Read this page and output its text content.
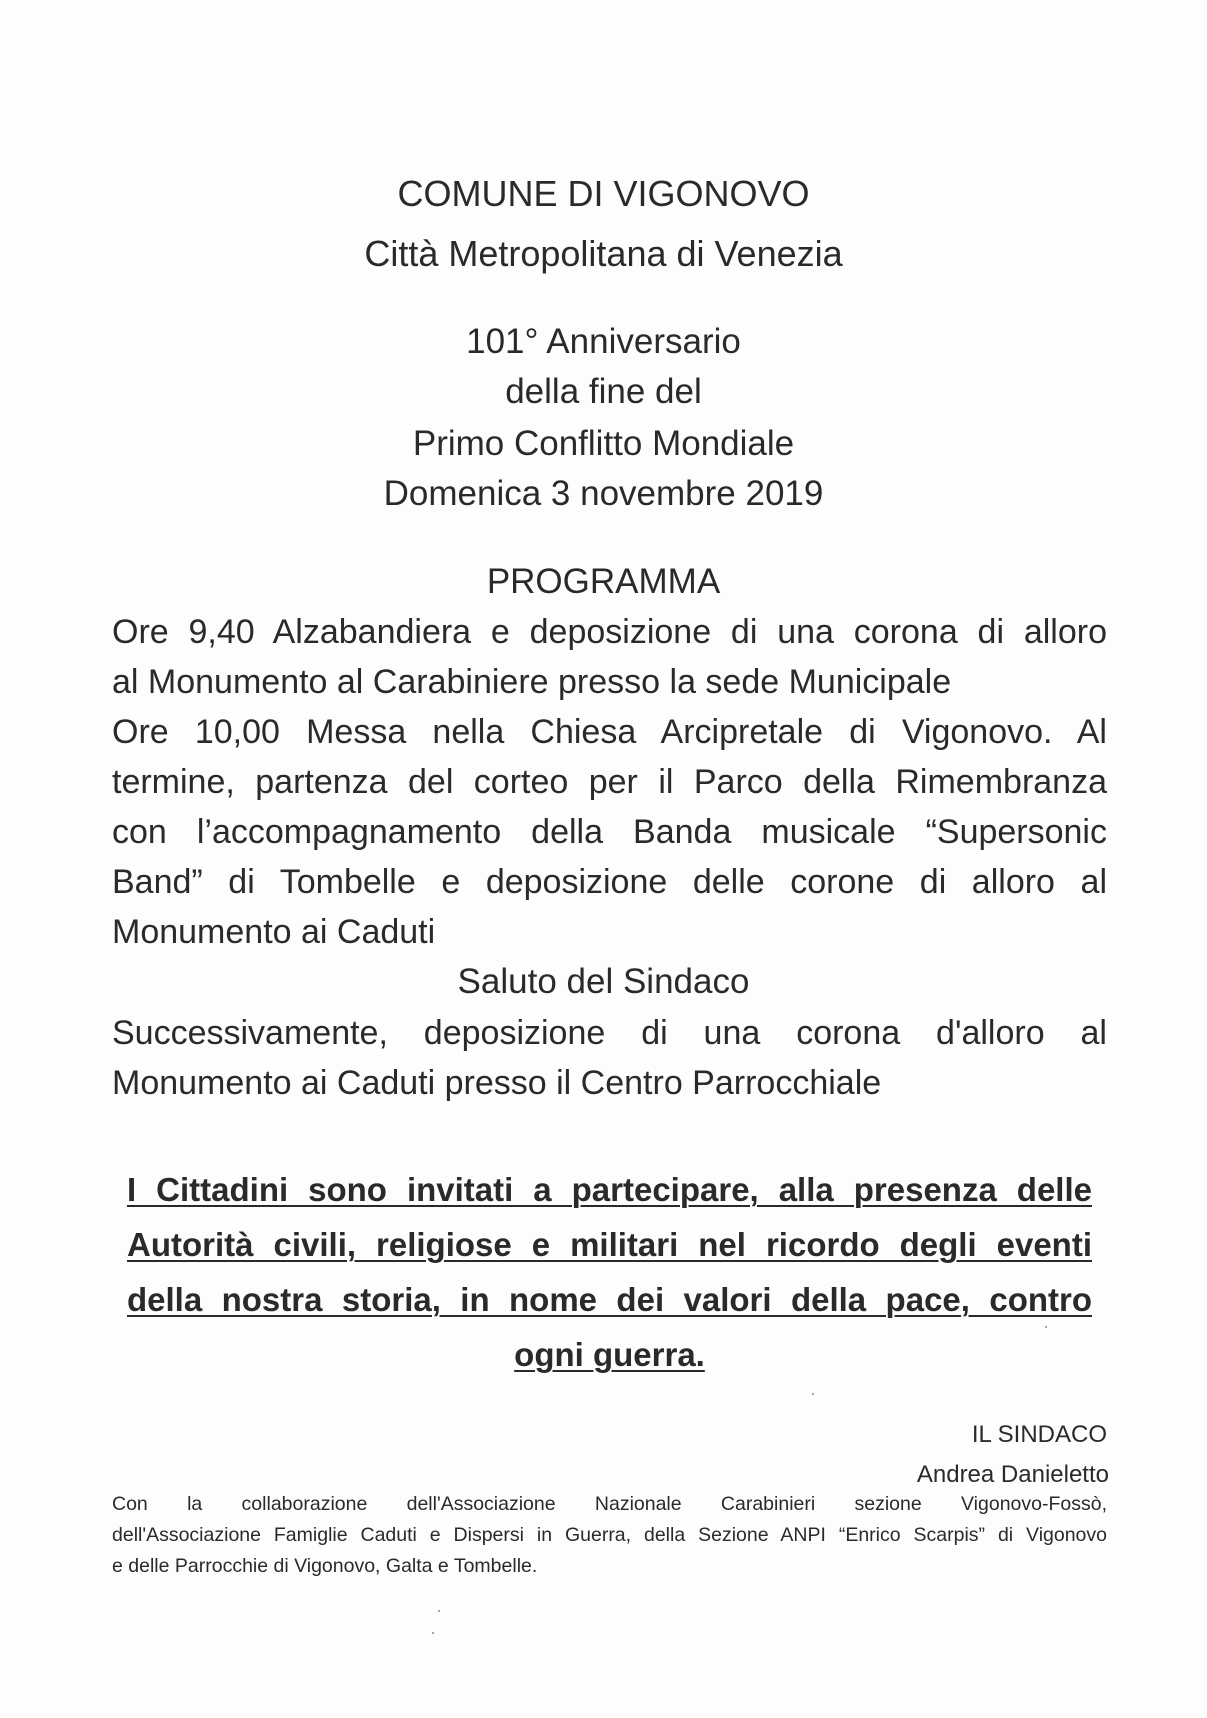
COMUNE DI VIGONOVO
Città Metropolitana di Venezia
101° Anniversario
della fine del
Primo Conflitto Mondiale
Domenica 3 novembre 2019
PROGRAMMA
Ore 9,40 Alzabandiera e deposizione di una corona di alloro
al Monumento al Carabiniere presso la sede Municipale
Ore 10,00 Messa nella Chiesa Arcipretale di Vigonovo. Al
termine, partenza del corteo per il Parco della Rimembranza
con l’accompagnamento della Banda musicale “Supersonic
Band” di Tombelle e deposizione delle corone di alloro al
Monumento ai Caduti
Saluto del Sindaco
Successivamente, deposizione di una corona d'alloro al
Monumento ai Caduti presso il Centro Parrocchiale
I Cittadini sono invitati a partecipare, alla presenza delle
Autorità civili, religiose e militari nel ricordo degli eventi
della nostra storia, in nome dei valori della pace, contro
ogni guerra.
IL SINDACO
Andrea Danieletto
Con la collaborazione dell'Associazione Nazionale Carabinieri sezione Vigonovo-Fossò,
dell'Associazione Famiglie Caduti e Dispersi in Guerra, della Sezione ANPI “Enrico Scarpis” di Vigonovo
e delle Parrocchie di Vigonovo, Galta e Tombelle.
